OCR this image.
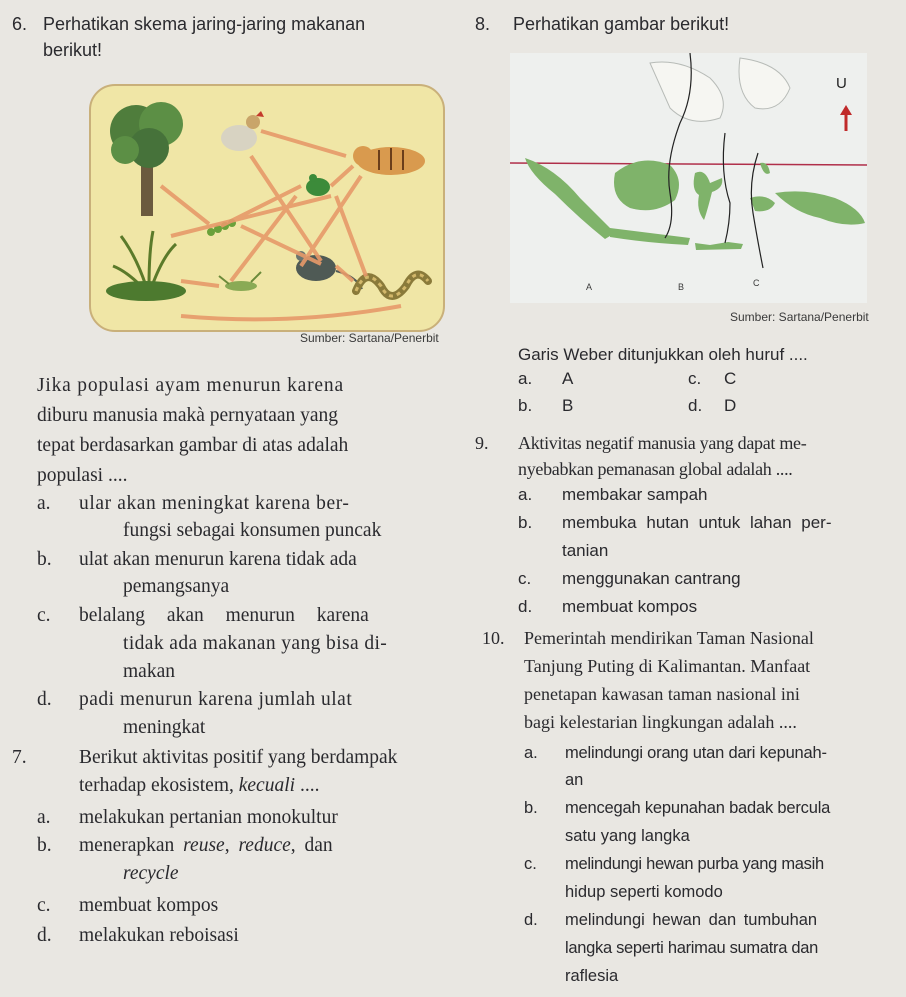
6. Perhatikan skema jaring-jaring makanan
berikut!
Sumber: Sartana/Penerbit
Jika populasi ayam menurun karena
diburu manusia makà pernyataan yang
tepat berdasarkan gambar di atas adalah
populasi ....
a. ular akan meningkat karena ber-
fungsi sebagai konsumen puncak
b. ulat akan menurun karena tidak ada
pemangsanya
c. belalang akan menurun karena
tidak ada makanan yang bisa di-
makan
d. padi menurun karena jumlah ulat
meningkat
7.	Berikut aktivitas positif yang berdampak
terhadap ekosistem, kecuali ....
a. melakukan pertanian monokultur
b. menerapkan reuse, reduce, dan
recycle
c. membuat kompos
d. melakukan reboisasi
8. Perhatikan gambar berikut!
U
A	B	C
Sumber: Sartana/Penerbit
Garis Weber ditunjukkan oleh huruf ....
a. A	c. C
b. B	d. D
9. Aktivitas negatif manusia yang dapat me-
nyebabkan pemanasan global adalah ....
a. membakar sampah
b. membuka hutan untuk lahan per-
tanian
c. menggunakan cantrang
d. membuat kompos
10. Pemerintah mendirikan Taman Nasional
Tanjung Puting di Kalimantan. Manfaat
penetapan kawasan taman nasional ini
bagi kelestarian lingkungan adalah ....
a. melindungi orang utan dari kepunah-
an
b. mencegah kepunahan badak bercula
satu yang langka
c. melindungi hewan purba yang masih
hidup seperti komodo
d. melindungi hewan dan tumbuhan
langka seperti harimau sumatra dan
raflesia
